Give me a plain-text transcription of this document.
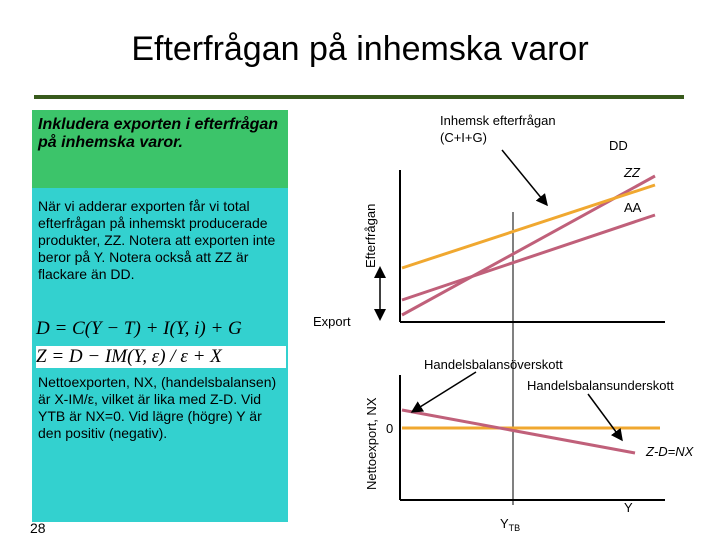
Efterfrågan på inhemska varor
Inkludera exporten i efterfrågan på inhemska varor.
När vi adderar exporten får vi total efterfrågan på inhemskt producerade produkter, ZZ. Notera att exporten inte beror på Y. Notera också att ZZ är flackare än DD.
D = C(Y − T) + I(Y, i) + G
Z = D − IM(Y, ε) / ε + X
Nettoexporten, NX, (handelsbalansen) är X-IM/ε, vilket är lika med Z-D. Vid YTB är NX=0. Vid lägre (högre) Y är den positiv (negativ).
28
Efterfrågan
Inhemsk efterfrågan
(C+I+G)
DD
ZZ
AA
Export
Nettoexport, NX
Handelsbalansöverskott
Handelsbalansunderskott
0
Z-D=NX
Y
$Y_{TB}$
